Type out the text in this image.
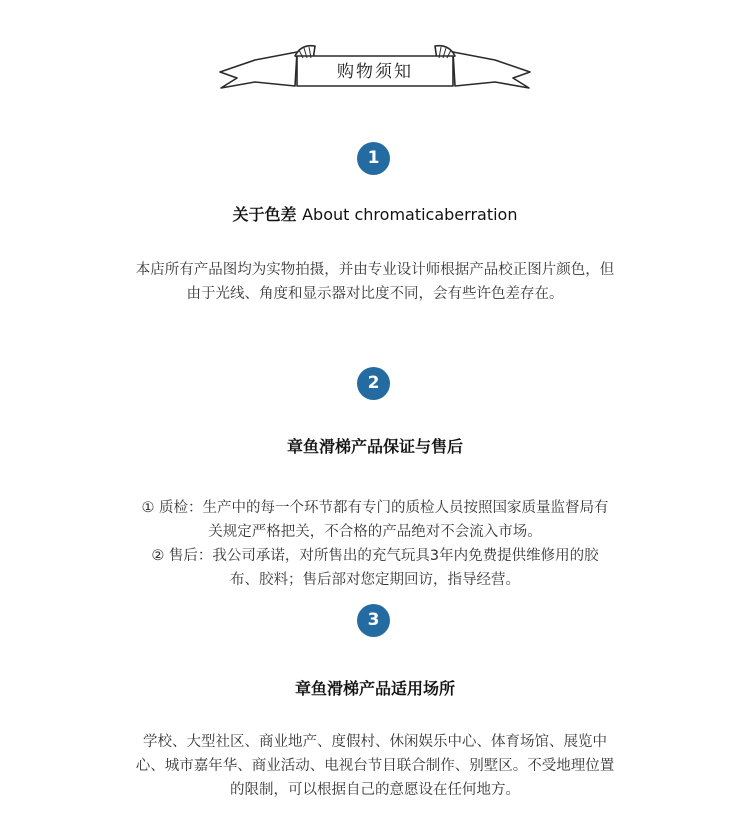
购物须知
1
关于色差 About chromaticaberration
本店所有产品图均为实物拍摄，并由专业设计师根据产品校正图片颜色，但
由于光线、角度和显示器对比度不同，会有些许色差存在。
2
章鱼滑梯产品保证与售后
① 质检：生产中的每一个环节都有专门的质检人员按照国家质量监督局有
关规定严格把关，不合格的产品绝对不会流入市场。
② 售后：我公司承诺，对所售出的充气玩具3年内免费提供维修用的胶
布、胶料；售后部对您定期回访，指导经营。
3
章鱼滑梯产品适用场所
学校、大型社区、商业地产、度假村、休闲娱乐中心、体育场馆、展览中
心、城市嘉年华、商业活动、电视台节目联合制作、别墅区。不受地理位置
的限制，可以根据自己的意愿设在任何地方。
